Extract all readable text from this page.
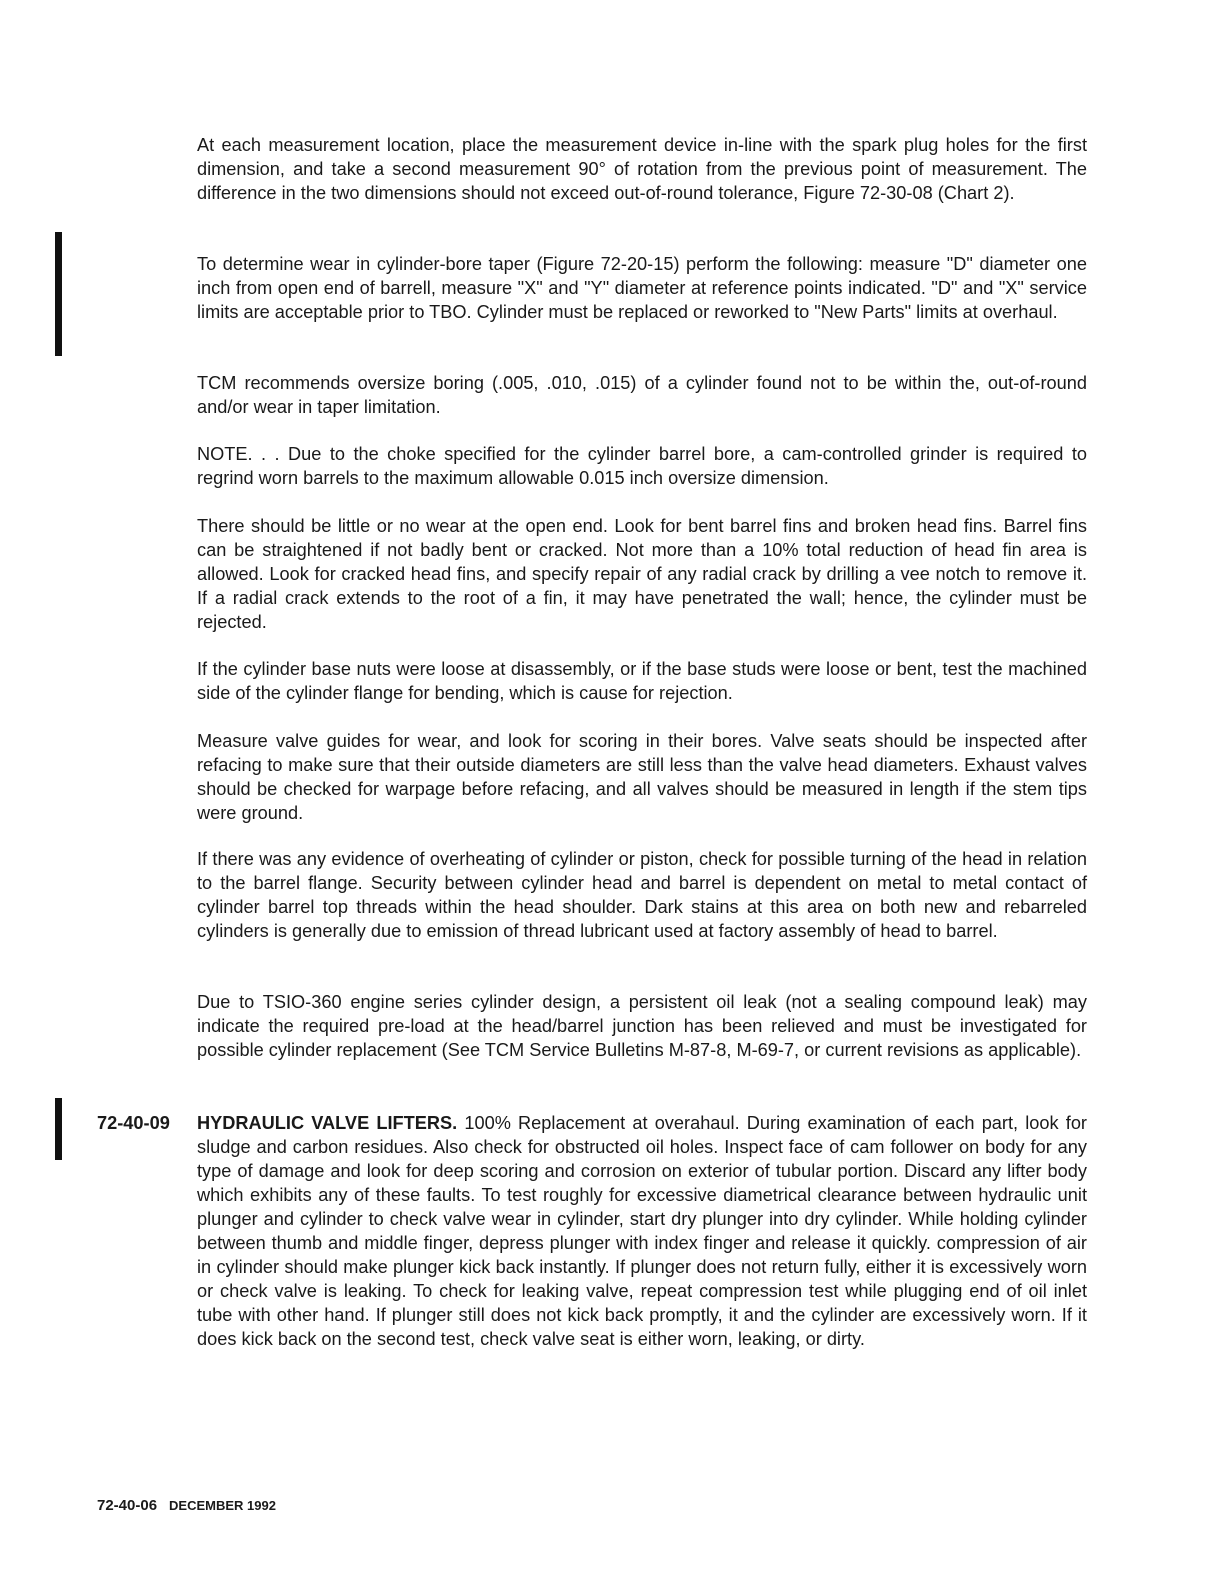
At each measurement location, place the measurement device in-line with the spark plug holes for the first dimension, and take a second measurement 90° of rotation from the previous point of measurement. The difference in the two dimensions should not exceed out-of-round tolerance, Figure 72-30-08 (Chart 2).

To determine wear in cylinder-bore taper (Figure 72-20-15) perform the following: measure "D" diameter one inch from open end of barrell, measure "X" and "Y" diameter at reference points indicated. "D" and "X" service limits are acceptable prior to TBO. Cylinder must be replaced or reworked to "New Parts" limits at overhaul.

TCM recommends oversize boring (.005, .010, .015) of a cylinder found not to be within the, out-of-round and/or wear in taper limitation.

NOTE. . . Due to the choke specified for the cylinder barrel bore, a cam-controlled grinder is required to regrind worn barrels to the maximum allowable 0.015 inch oversize dimension.

There should be little or no wear at the open end. Look for bent barrel fins and broken head fins. Barrel fins can be straightened if not badly bent or cracked. Not more than a 10% total reduction of head fin area is allowed. Look for cracked head fins, and specify repair of any radial crack by drilling a vee notch to remove it. If a radial crack extends to the root of a fin, it may have penetrated the wall; hence, the cylinder must be rejected.

If the cylinder base nuts were loose at disassembly, or if the base studs were loose or bent, test the machined side of the cylinder flange for bending, which is cause for rejection.

Measure valve guides for wear, and look for scoring in their bores. Valve seats should be inspected after refacing to make sure that their outside diameters are still less than the valve head diameters. Exhaust valves should be checked for warpage before refacing, and all valves should be measured in length if the stem tips were ground.

If there was any evidence of overheating of cylinder or piston, check for possible turning of the head in relation to the barrel flange. Security between cylinder head and barrel is dependent on metal to metal contact of cylinder barrel top threads within the head shoulder. Dark stains at this area on both new and rebarreled cylinders is generally due to emission of thread lubricant used at factory assembly of head to barrel.

Due to TSIO-360 engine series cylinder design, a persistent oil leak (not a sealing compound leak) may indicate the required pre-load at the head/barrel junction has been relieved and must be investigated for possible cylinder replacement (See TCM Service Bulletins M-87-8, M-69-7, or current revisions as applicable).

72-40-09 HYDRAULIC VALVE LIFTERS. 100% Replacement at overahaul. During examination of each part, look for sludge and carbon residues. Also check for obstructed oil holes. Inspect face of cam follower on body for any type of damage and look for deep scoring and corrosion on exterior of tubular portion. Discard any lifter body which exhibits any of these faults. To test roughly for excessive diametrical clearance between hydraulic unit plunger and cylinder to check valve wear in cylinder, start dry plunger into dry cylinder. While holding cylinder between thumb and middle finger, depress plunger with index finger and release it quickly. compression of air in cylinder should make plunger kick back instantly. If plunger does not return fully, either it is excessively worn or check valve is leaking. To check for leaking valve, repeat compression test while plugging end of oil inlet tube with other hand. If plunger still does not kick back promptly, it and the cylinder are excessively worn. If it does kick back on the second test, check valve seat is either worn, leaking, or dirty.

72-40-06 DECEMBER 1992
